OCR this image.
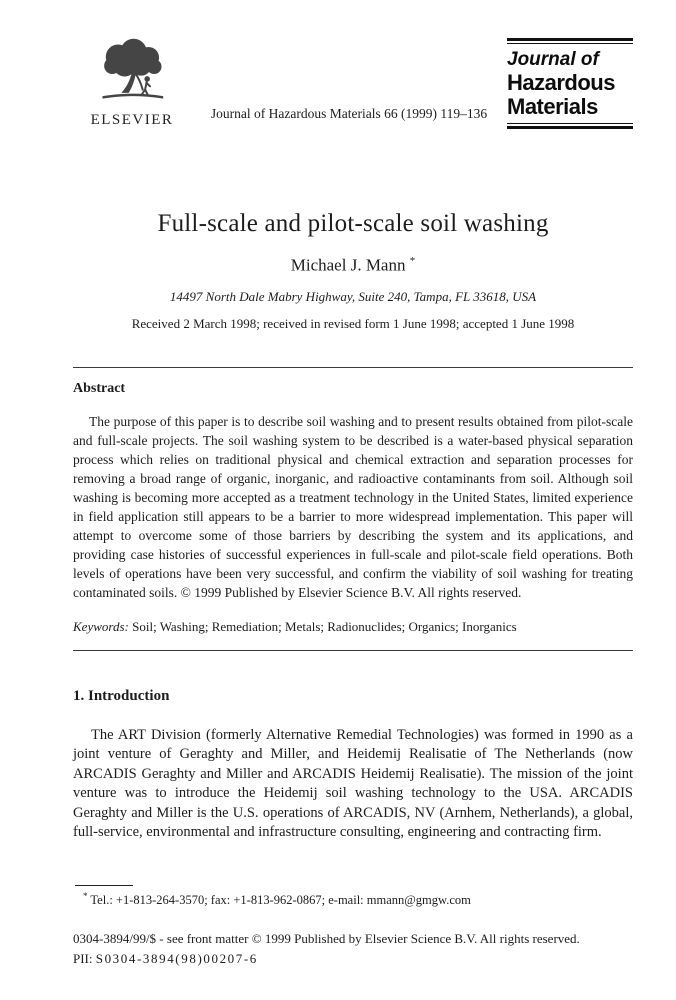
ELSEVIER	Journal of Hazardous Materials 66 (1999) 119–136
Journal of
Hazardous
Materials
Full-scale and pilot-scale soil washing
Michael J. Mann *
14497 North Dale Mabry Highway, Suite 240, Tampa, FL 33618, USA
Received 2 March 1998; received in revised form 1 June 1998; accepted 1 June 1998
Abstract

The purpose of this paper is to describe soil washing and to present results obtained from pilot-scale and full-scale projects. The soil washing system to be described is a water-based physical separation process which relies on traditional physical and chemical extraction and separation processes for removing a broad range of organic, inorganic, and radioactive contaminants from soil. Although soil washing is becoming more accepted as a treatment technology in the United States, limited experience in field application still appears to be a barrier to more widespread implementation. This paper will attempt to overcome some of those barriers by describing the system and its applications, and providing case histories of successful experiences in full-scale and pilot-scale field operations. Both levels of operations have been very successful, and confirm the viability of soil washing for treating contaminated soils. © 1999 Published by Elsevier Science B.V. All rights reserved.

Keywords: Soil; Washing; Remediation; Metals; Radionuclides; Organics; Inorganics

1. Introduction

The ART Division (formerly Alternative Remedial Technologies) was formed in 1990 as a joint venture of Geraghty and Miller, and Heidemij Realisatie of The Netherlands (now ARCADIS Geraghty and Miller and ARCADIS Heidemij Realisatie). The mission of the joint venture was to introduce the Heidemij soil washing technology to the USA. ARCADIS Geraghty and Miller is the U.S. operations of ARCADIS, NV (Arnhem, Netherlands), a global, full-service, environmental and infrastructure consulting, engineering and contracting firm.

* Tel.: +1-813-264-3570; fax: +1-813-962-0867; e-mail: mmann@gmgw.com

0304-3894/99/$ - see front matter © 1999 Published by Elsevier Science B.V. All rights reserved.
PII: S0304-3894(98)00207-6
